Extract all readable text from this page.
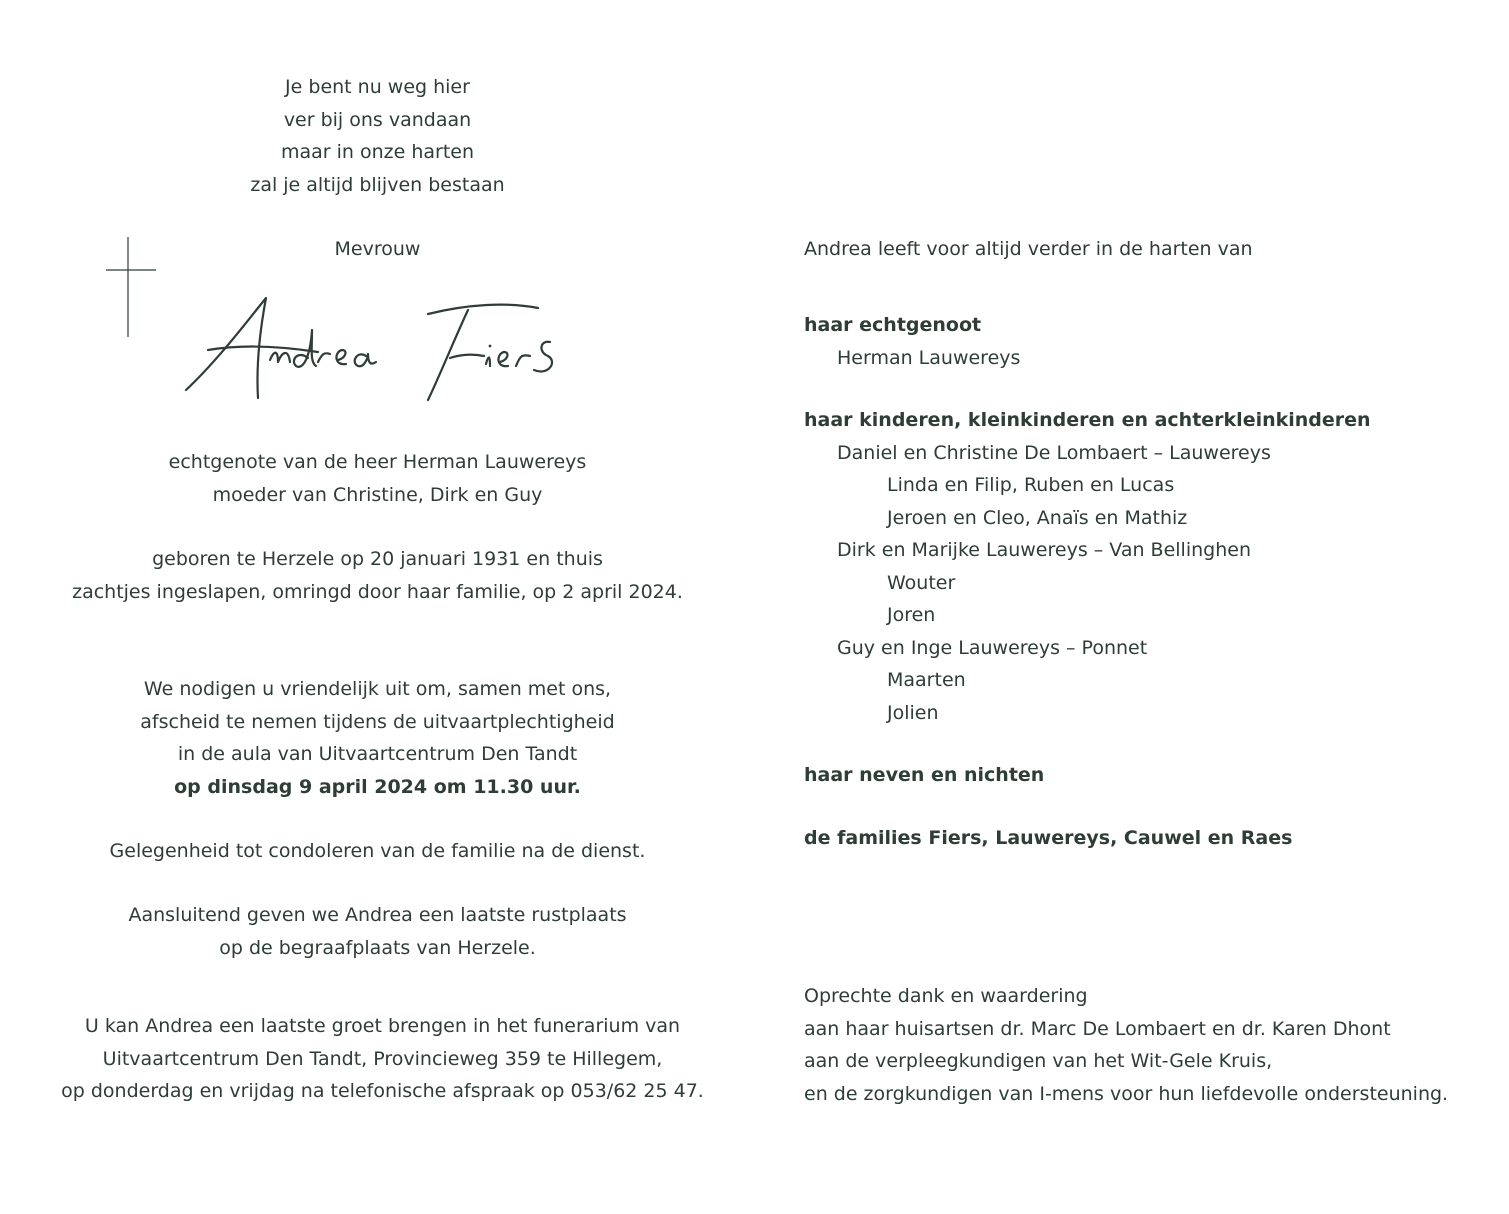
Je bent nu weg hier
ver bij ons vandaan
maar in onze harten
zal je altijd blijven bestaan
Mevrouw
echtgenote van de heer Herman Lauwereys
moeder van Christine, Dirk en Guy
geboren te Herzele op 20 januari 1931 en thuis
zachtjes ingeslapen, omringd door haar familie, op 2 april 2024.
We nodigen u vriendelijk uit om, samen met ons,
afscheid te nemen tijdens de uitvaartplechtigheid
in de aula van Uitvaartcentrum Den Tandt
op dinsdag 9 april 2024 om 11.30 uur.
Gelegenheid tot condoleren van de familie na de dienst.
Aansluitend geven we Andrea een laatste rustplaats
op de begraafplaats van Herzele.
U kan Andrea een laatste groet brengen in het funerarium van
Uitvaartcentrum Den Tandt, Provincieweg 359 te Hillegem,
op donderdag en vrijdag na telefonische afspraak op 053/62 25 47.
Andrea leeft voor altijd verder in de harten van
haar echtgenoot
Herman Lauwereys
haar kinderen, kleinkinderen en achterkleinkinderen
Daniel en Christine De Lombaert – Lauwereys
Linda en Filip, Ruben en Lucas
Jeroen en Cleo, Anaïs en Mathiz
Dirk en Marijke Lauwereys – Van Bellinghen
Wouter
Joren
Guy en Inge Lauwereys – Ponnet
Maarten
Jolien
haar neven en nichten
de families Fiers, Lauwereys, Cauwel en Raes
Oprechte dank en waardering
aan haar huisartsen dr. Marc De Lombaert en dr. Karen Dhont
aan de verpleegkundigen van het Wit-Gele Kruis,
en de zorgkundigen van I-mens voor hun liefdevolle ondersteuning.
